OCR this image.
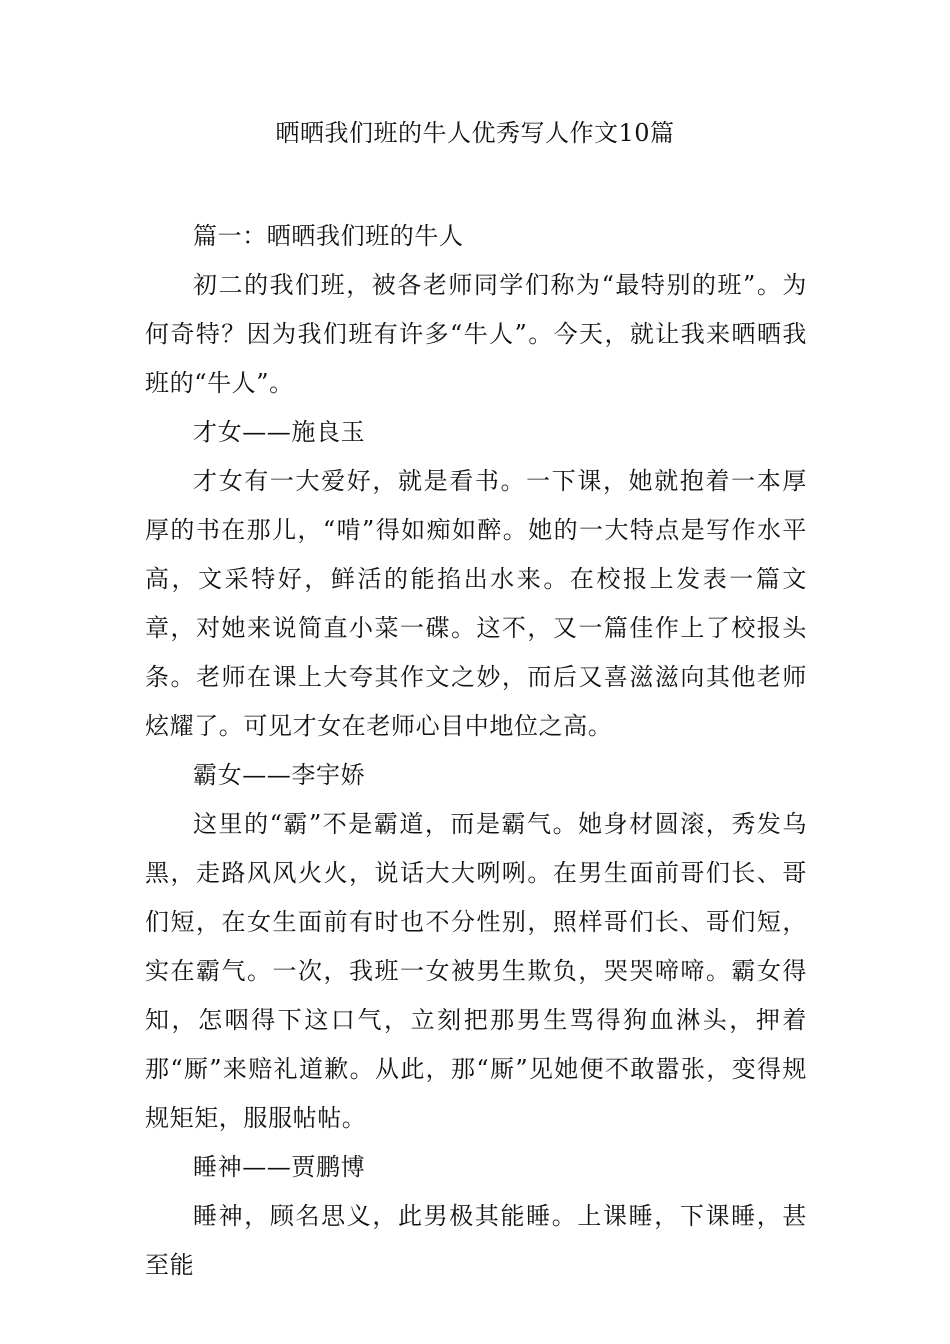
晒晒我们班的牛人优秀写人作文10篇

篇一：晒晒我们班的牛人

初二的我们班，被各老师同学们称为“最特别的班”。为何奇特？因为我们班有许多“牛人”。今天，就让我来晒晒我班的“牛人”。

才女——施良玉

才女有一大爱好，就是看书。一下课，她就抱着一本厚厚的书在那儿，“啃”得如痴如醉。她的一大特点是写作水平高，文采特好，鲜活的能掐出水来。在校报上发表一篇文章，对她来说简直小菜一碟。这不，又一篇佳作上了校报头条。老师在课上大夸其作文之妙，而后又喜滋滋向其他老师炫耀了。可见才女在老师心目中地位之高。

霸女——李宇娇

这里的“霸”不是霸道，而是霸气。她身材圆滚，秀发乌黑，走路风风火火，说话大大咧咧。在男生面前哥们长、哥们短，在女生面前有时也不分性别，照样哥们长、哥们短，实在霸气。一次，我班一女被男生欺负，哭哭啼啼。霸女得知，怎咽得下这口气，立刻把那男生骂得狗血淋头，押着那“厮”来赔礼道歉。从此，那“厮”见她便不敢嚣张，变得规规矩矩，服服帖帖。

睡神——贾鹏博

睡神，顾名思义，此男极其能睡。上课睡，下课睡，甚至能
